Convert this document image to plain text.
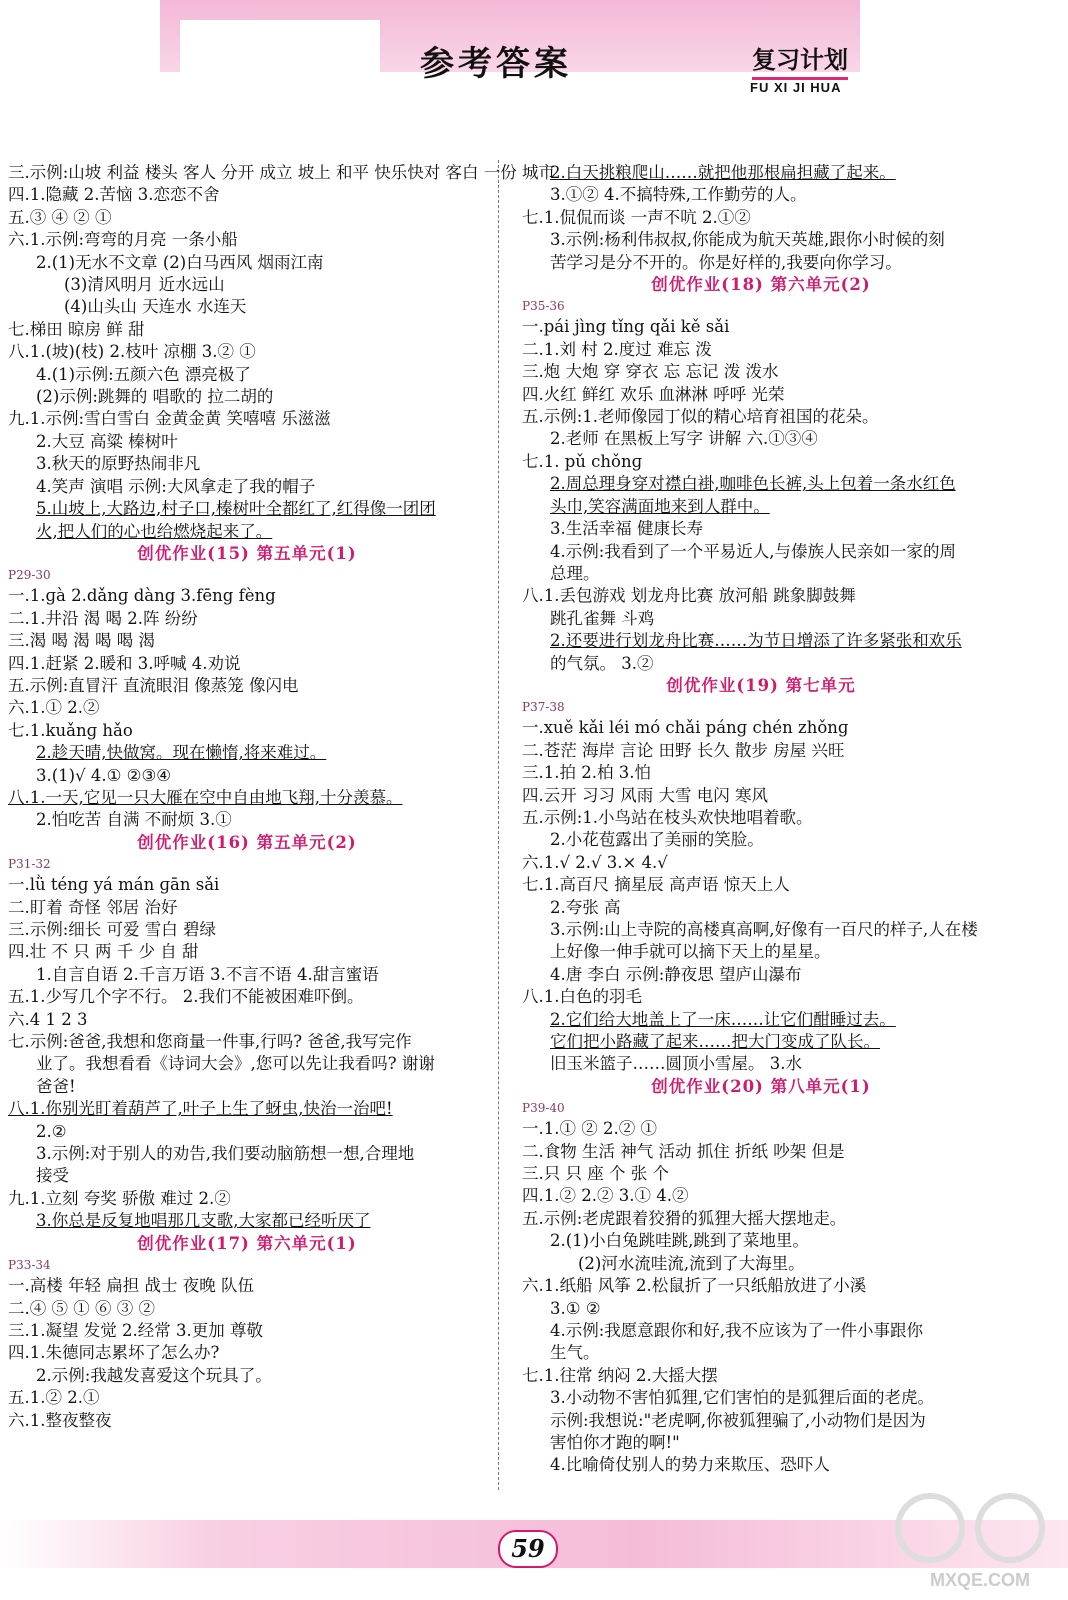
参考答案	复习计划
FU XI JI HUA
三.示例:山坡 利益 楼头 客人 分开 成立 坡上 和平 快乐快对 客白 一份 城市
四.1.隐藏 2.苦恼 3.恋恋不舍
五.③ ④ ② ①
六.1.示例:弯弯的月亮 一条小船
2.(1)无水不文章 (2)白马西风 烟雨江南
(3)清风明月 近水远山
(4)山头山 天连水 水连天
七.梯田 晾房 鲜 甜
八.1.(坡)(枝) 2.枝叶 凉棚 3.② ①
4.(1)示例:五颜六色 漂亮极了
(2)示例:跳舞的 唱歌的 拉二胡的
九.1.示例:雪白雪白 金黄金黄 笑嘻嘻 乐滋滋
2.大豆 高粱 榛树叶
3.秋天的原野热闹非凡
4.笑声 演唱 示例:大风拿走了我的帽子
5.山坡上,大路边,村子口,榛树叶全都红了,红得像一团团
火,把人们的心也给燃烧起来了。
创优作业(15) 第五单元(1)
P29-30
一.1.ɡà 2.dǎnɡ dàng 3.fēng fèng
二.1.井沿 渴 喝 2.阵 纷纷
三.渴 喝 渴 喝 喝 渴
四.1.赶紧 2.暖和 3.呼喊 4.劝说
五.示例:直冒汗 直流眼泪 像蒸笼 像闪电
六.1.① 2.②
七.1.kuǎnɡ hǎo
2.趁天晴,快做窝。现在懒惰,将来难过。
3.(1)√ 4.① ②③④
八.1.一天,它见一只大雁在空中自由地飞翔,十分羡慕。
2.怕吃苦 自满 不耐烦 3.①
创优作业(16) 第五单元(2)
P31-32
一.lǜ ténɡ yá mán ɡān sǎi
二.盯着 奇怪 邻居 治好
三.示例:细长 可爱 雪白 碧绿
四.壮 不 只 两 千 少 自 甜
1.自言自语 2.千言万语 3.不言不语 4.甜言蜜语
五.1.少写几个字不行。 2.我们不能被困难吓倒。
六.4 1 2 3
七.示例:爸爸,我想和您商量一件事,行吗? 爸爸,我写完作
业了。我想看看《诗词大会》,您可以先让我看吗? 谢谢
爸爸!
八.1.你别光盯着葫芦了,叶子上生了蚜虫,快治一治吧!
2.②
3.示例:对于别人的劝告,我们要动脑筋想一想,合理地
接受
九.1.立刻 夸奖 骄傲 难过 2.②
3.你总是反复地唱那几支歌,大家都已经听厌了
创优作业(17) 第六单元(1)
P33-34
一.高楼 年轻 扁担 战士 夜晚 队伍
二.④ ⑤ ① ⑥ ③ ②
三.1.凝望 发觉 2.经常 3.更加 尊敬
四.1.朱德同志累坏了怎么办?
2.示例:我越发喜爱这个玩具了。
五.1.② 2.①
六.1.整夜整夜
2.白天挑粮爬山……就把他那根扁担藏了起来。
3.①② 4.不搞特殊,工作勤劳的人。
七.1.侃侃而谈 一声不吭 2.①②
3.示例:杨利伟叔叔,你能成为航天英雄,跟你小时候的刻
苦学习是分不开的。你是好样的,我要向你学习。
创优作业(18) 第六单元(2)
P35-36
一.pái jìng tǐng qǎi kě sǎi
二.1.刘 村 2.度过 难忘 泼
三.炮 大炮 穿 穿衣 忘 忘记 泼 泼水
四.火红 鲜红 欢乐 血淋淋 呼呼 光荣
五.示例:1.老师像园丁似的精心培育祖国的花朵。
2.老师 在黑板上写字 讲解 六.①③④
七.1. pǔ chǒnɡ
2.周总理身穿对襟白褂,咖啡色长裤,头上包着一条水红色
头巾,笑容满面地来到人群中。
3.生活幸福 健康长寿
4.示例:我看到了一个平易近人,与傣族人民亲如一家的周
总理。
八.1.丢包游戏 划龙舟比赛 放河船 跳象脚鼓舞
跳孔雀舞 斗鸡
2.还要进行划龙舟比赛……为节日增添了许多紧张和欢乐
的气氛。 3.②
创优作业(19) 第七单元
P37-38
一.xuě kǎi léi mó chǎi pánɡ chén zhǒnɡ
二.苍茫 海岸 言论 田野 长久 散步 房屋 兴旺
三.1.拍 2.柏 3.怕
四.云开 习习 风雨 大雪 电闪 寒风
五.示例:1.小鸟站在枝头欢快地唱着歌。
2.小花苞露出了美丽的笑脸。
六.1.√ 2.√ 3.× 4.√
七.1.高百尺 摘星辰 高声语 惊天上人
2.夸张 高
3.示例:山上寺院的高楼真高啊,好像有一百尺的样子,人在楼
上好像一伸手就可以摘下天上的星星。
4.唐 李白 示例:静夜思 望庐山瀑布
八.1.白色的羽毛
2.它们给大地盖上了一床……让它们酣睡过去。
它们把小路藏了起来……把大门变成了队长。
旧玉米篮子……圆顶小雪屋。 3.水
创优作业(20) 第八单元(1)
P39-40
一.1.① ② 2.② ①
二.食物 生活 神气 活动 抓住 折纸 吵架 但是
三.只 只 座 个 张 个
四.1.② 2.② 3.① 4.②
五.示例:老虎跟着狡猾的狐狸大摇大摆地走。
2.(1)小白兔跳哇跳,跳到了菜地里。
(2)河水流哇流,流到了大海里。
六.1.纸船 风筝 2.松鼠折了一只纸船放进了小溪
3.① ②
4.示例:我愿意跟你和好,我不应该为了一件小事跟你
生气。
七.1.往常 纳闷 2.大摇大摆
3.小动物不害怕狐狸,它们害怕的是狐狸后面的老虎。
示例:我想说:"老虎啊,你被狐狸骗了,小动物们是因为
害怕你才跑的啊!"
4.比喻倚仗别人的势力来欺压、恐吓人
59
MXQE.COM
